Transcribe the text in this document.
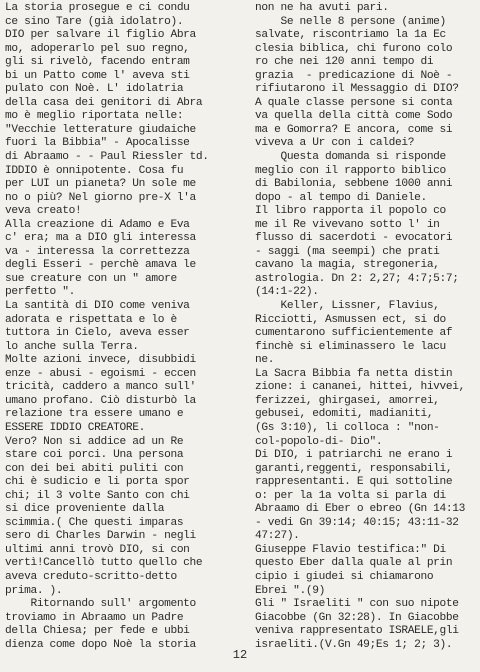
La storia prosegue e ci condu
ce sino Tare (già idolatro).
DIO per salvare il figlio Abra
mo, adoperarlo pel suo regno,
gli si rivelò, facendo entram
bi un Patto come l' aveva sti
pulato con Noè. L' idolatria
della casa dei genitori di Abra
mo è meglio riportata nelle:
"Vecchie letterature giudaiche
fuori la Bibbia" - Apocalisse
di Abraamo - - Paul Riessler td.
IDDIO è onnipotente. Cosa fu
per LUI un pianeta? Un sole me
no o più? Nel giorno pre-X l'a
veva creato!
Alla creazione di Adamo e Eva
c' era; ma a DIO gli interessa
va - interessa la correttezza
degli Esseri - perchè amava le
sue creature con un " amore
perfetto ".
La santità di DIO come veniva
adorata e rispettata e lo è
tuttora in Cielo, aveva esser
lo anche sulla Terra.
Molte azioni invece, disubbidi
enze - abusi - egoismi - eccen
tricità, caddero a manco sull'
umano profano. Ciò disturbò la
relazione tra essere umano e
ESSERE IDDIO CREATORE.
Vero? Non si addice ad un Re
stare coi porci. Una persona
con dei bei abiti puliti con
chi è sudicio e li porta spor
chi; il 3 volte Santo con chi
si dice proveniente dalla
scimmia.( Che questi imparas
sero di Charles Darwin - negli
ultimi anni trovò DIO, si con
vertì!Cancellò tutto quello che
aveva creduto-scritto-detto
prima. ).
Ritornando sull' argomento
troviamo in Abraamo un Padre
della Chiesa; per fede e ubbi
dienza come dopo Noè la storia
non ne ha avuti pari.
Se nelle 8 persone (anime)
salvate, riscontriamo la 1a Ec
clesia biblica, chi furono colo
ro che nei 120 anni tempo di
grazia  - predicazione di Noè -
rifiutarono il Messaggio di DIO?
A quale classe persone si conta
va quella della città come Sodo
ma e Gomorra? E ancora, come si
viveva a Ur con i caldei?
Questa domanda si risponde
meglio con il rapporto biblico
di Babilonia, sebbene 1000 anni
dopo - al tempo di Daniele.
Il libro rapporta il popolo co
me il Re vivevano sotto l' in
flusso di sacerdoti - evocatori
- saggi (ma seempi) che prati
cavano la magia, stregoneria,
astrologia. Dn 2: 2,27; 4:7;5:7;
(14:1-22).
Keller, Lissner, Flavius,
Ricciotti, Asmussen ect, si do
cumentarono sufficientemente af
finchè si eliminassero le lacu
ne.
La Sacra Bibbia fa netta distin
zione: i cananei, hittei, hivvei,
ferizzei, ghirgasei, amorrei,
gebusei, edomiti, madianiti,
(Gs 3:10), li colloca : "non-
col-popolo-di- Dio".
Di DIO, i patriarchi ne erano i
garanti,reggenti, responsabili,
rappresentanti. E qui sottoline
o: per la 1a volta si parla di
Abraamo di Eber o ebreo (Gn 14:13
- vedi Gn 39:14; 40:15; 43:11-32
47:27).
Giuseppe Flavio testifica:" Di
questo Eber dalla quale al prin
cipio i giudei si chiamarono
Ebrei ".(9)
Gli " Israeliti " con suo nipote
Giacobbe (Gn 32:28). In Giacobbe
veniva rappresentato ISRAELE,gli
israeliti.(V.Gn 49;Es 1; 2; 3).
12
